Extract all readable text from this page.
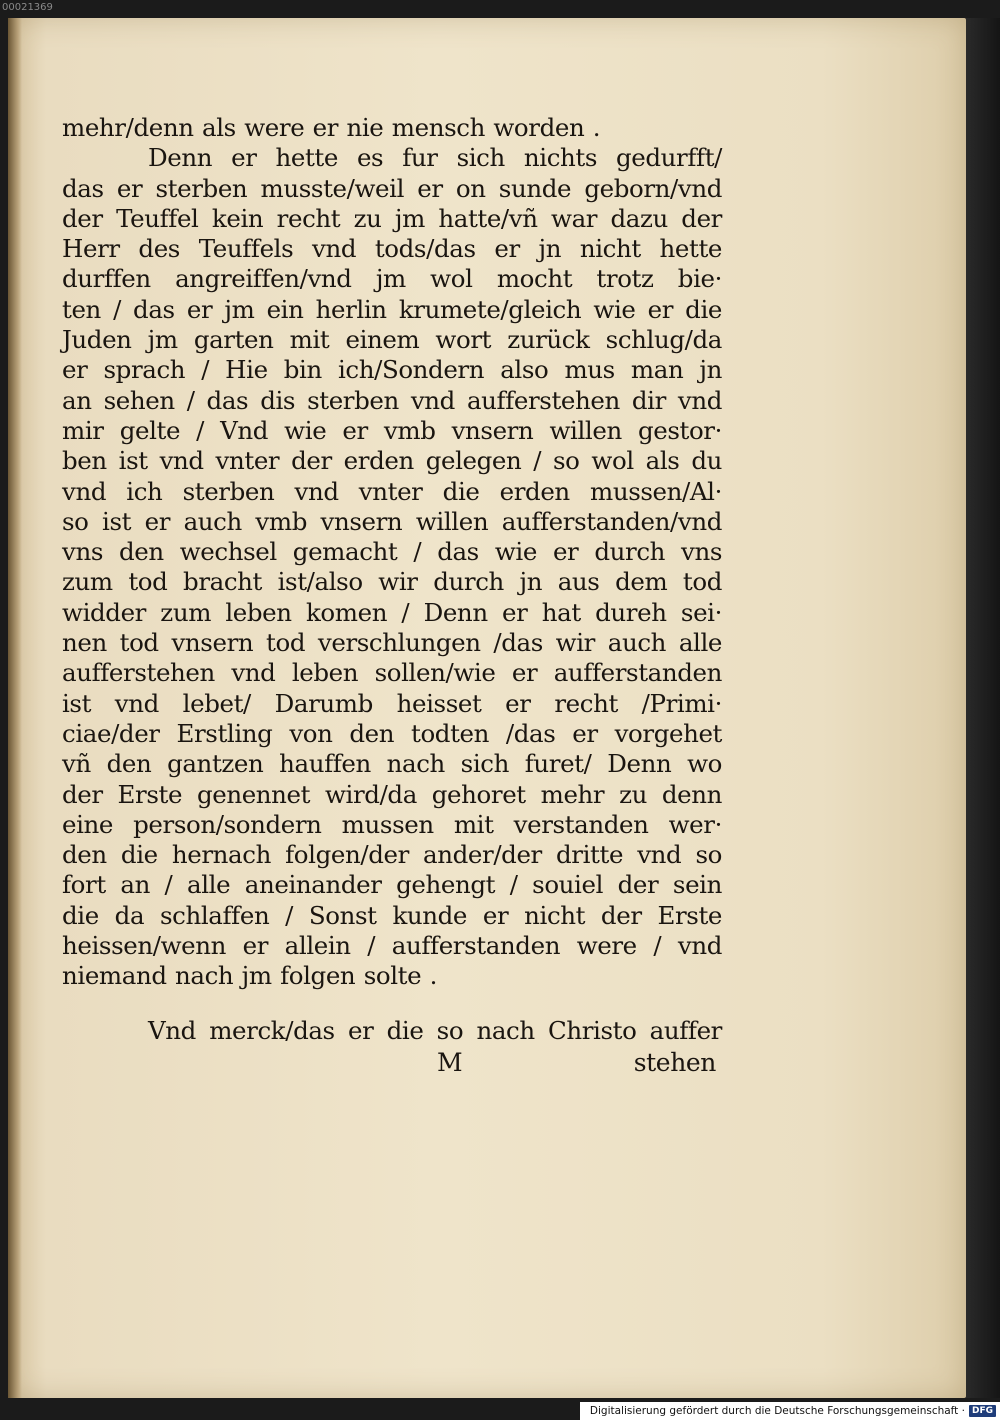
00021369
mehr/denn als were er nie mensch worden .
Denn er hette es fur sich nichts gedurfft/
das er sterben musste/weil er on sunde geborn/vnd
der Teuffel kein recht zu jm hatte/vñ war dazu der
Herr des Teuffels vnd tods/das er jn nicht hette
durffen angreiffen/vnd jm wol mocht trotz bie·
ten / das er jm ein herlin krumete/gleich wie er die
Juden jm garten mit einem wort zurück schlug/da
er sprach / Hie bin ich/Sondern also mus man jn
an sehen / das dis sterben vnd aufferstehen dir vnd
mir gelte / Vnd wie er vmb vnsern willen gestor·
ben ist vnd vnter der erden gelegen / so wol als du
vnd ich sterben vnd vnter die erden mussen/Al·
so ist er auch vmb vnsern willen aufferstanden/vnd
vns den wechsel gemacht / das wie er durch vns
zum tod bracht ist/also wir durch jn aus dem tod
widder zum leben komen / Denn er hat dureh sei·
nen tod vnsern tod verschlungen /das wir auch alle
aufferstehen vnd leben sollen/wie er aufferstanden
ist vnd lebet/ Darumb heisset er recht /Primi·
ciae/der Erstling von den todten /das er vorgehet
vñ den gantzen hauffen nach sich furet/ Denn wo
der Erste genennet wird/da gehoret mehr zu denn
eine person/sondern mussen mit verstanden wer·
den die hernach folgen/der ander/der dritte vnd so
fort an / alle aneinander gehengt / souiel der sein
die da schlaffen / Sonst kunde er nicht der Erste
heissen/wenn er allein / aufferstanden were / vnd
niemand nach jm folgen solte .
Vnd merck/das er die so nach Christo auffer
M	stehen
Digitalisierung gefördert durch die Deutsche Forschungsgemeinschaft · DFG
